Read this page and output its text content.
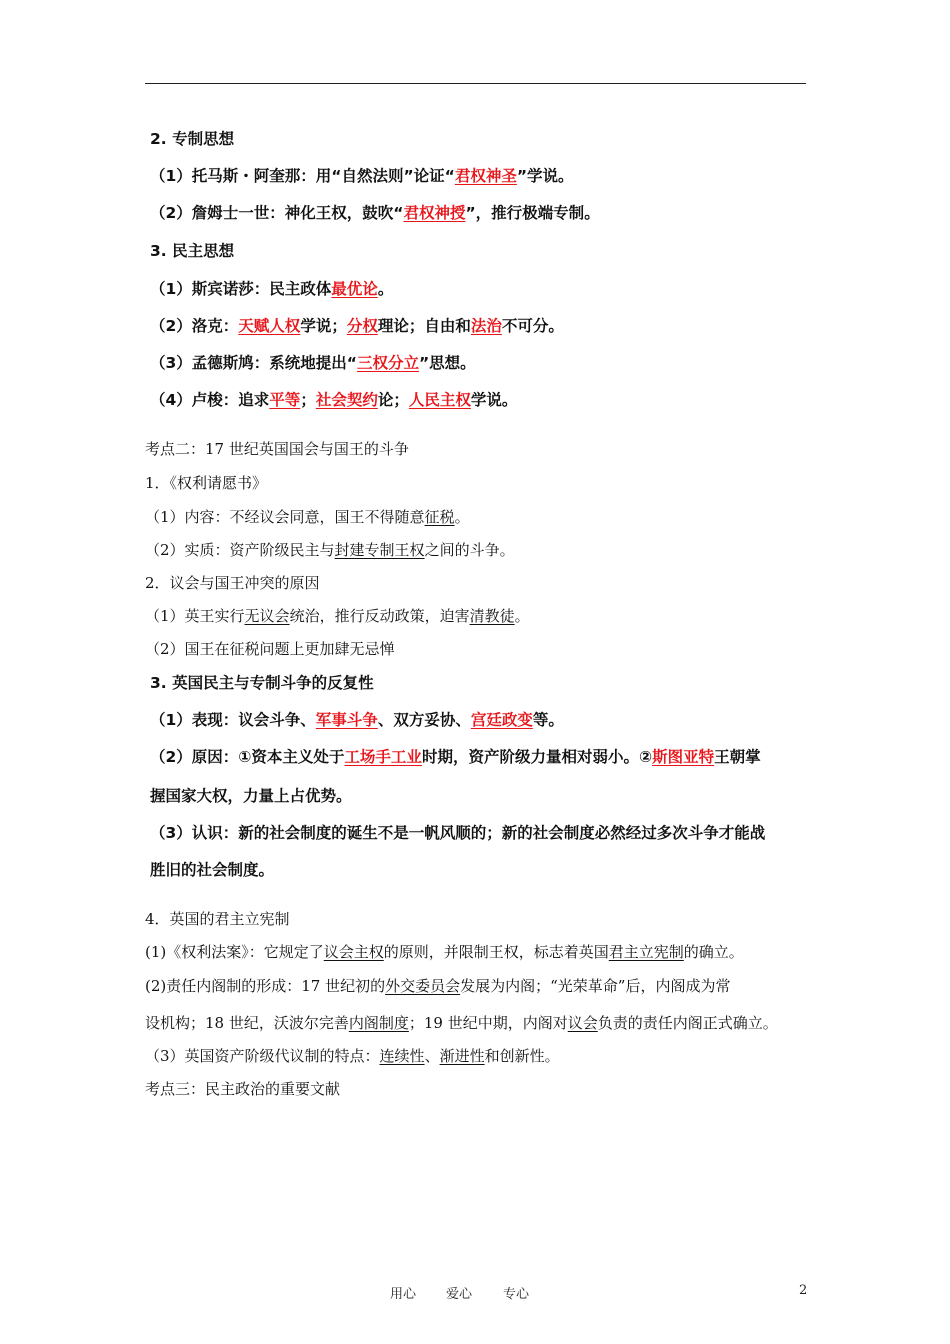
2. 专制思想
（1）托马斯・阿奎那：用“自然法则”论证“君权神圣”学说。
（2）詹姆士一世：神化王权，鼓吹“君权神授”，推行极端专制。
3. 民主思想
（1）斯宾诺莎：民主政体最优论。
（2）洛克：天赋人权学说；分权理论；自由和法治不可分。
（3）孟德斯鸠：系统地提出“三权分立”思想。
（4）卢梭：追求平等；社会契约论；人民主权学说。
考点二：17 世纪英国国会与国王的斗争
1．《权利请愿书》
（1）内容：不经议会同意，国王不得随意征税。
（2）实质：资产阶级民主与封建专制王权之间的斗争。
2．议会与国王冲突的原因
（1）英王实行无议会统治，推行反动政策，迫害清教徒。
（2）国王在征税问题上更加肆无忌惮
3. 英国民主与专制斗争的反复性
（1）表现：议会斗争、军事斗争、双方妥协、宫廷政变等。
（2）原因：①资本主义处于工场手工业时期，资产阶级力量相对弱小。②斯图亚特王朝掌
握国家大权，力量上占优势。
（3）认识：新的社会制度的诞生不是一帆风顺的；新的社会制度必然经过多次斗争才能战
胜旧的社会制度。
4．英国的君主立宪制
(1)《权利法案》：它规定了议会主权的原则，并限制王权，标志着英国君主立宪制的确立。
(2)责任内阁制的形成：17 世纪初的外交委员会发展为内阁；“光荣革命”后，内阁成为常
设机构；18 世纪，沃波尔完善内阁制度；19 世纪中期，内阁对议会负责的责任内阁正式确立。
（3）英国资产阶级代议制的特点：连续性、渐进性和创新性。
考点三：民主政治的重要文献
用心 爱心 专心	2
